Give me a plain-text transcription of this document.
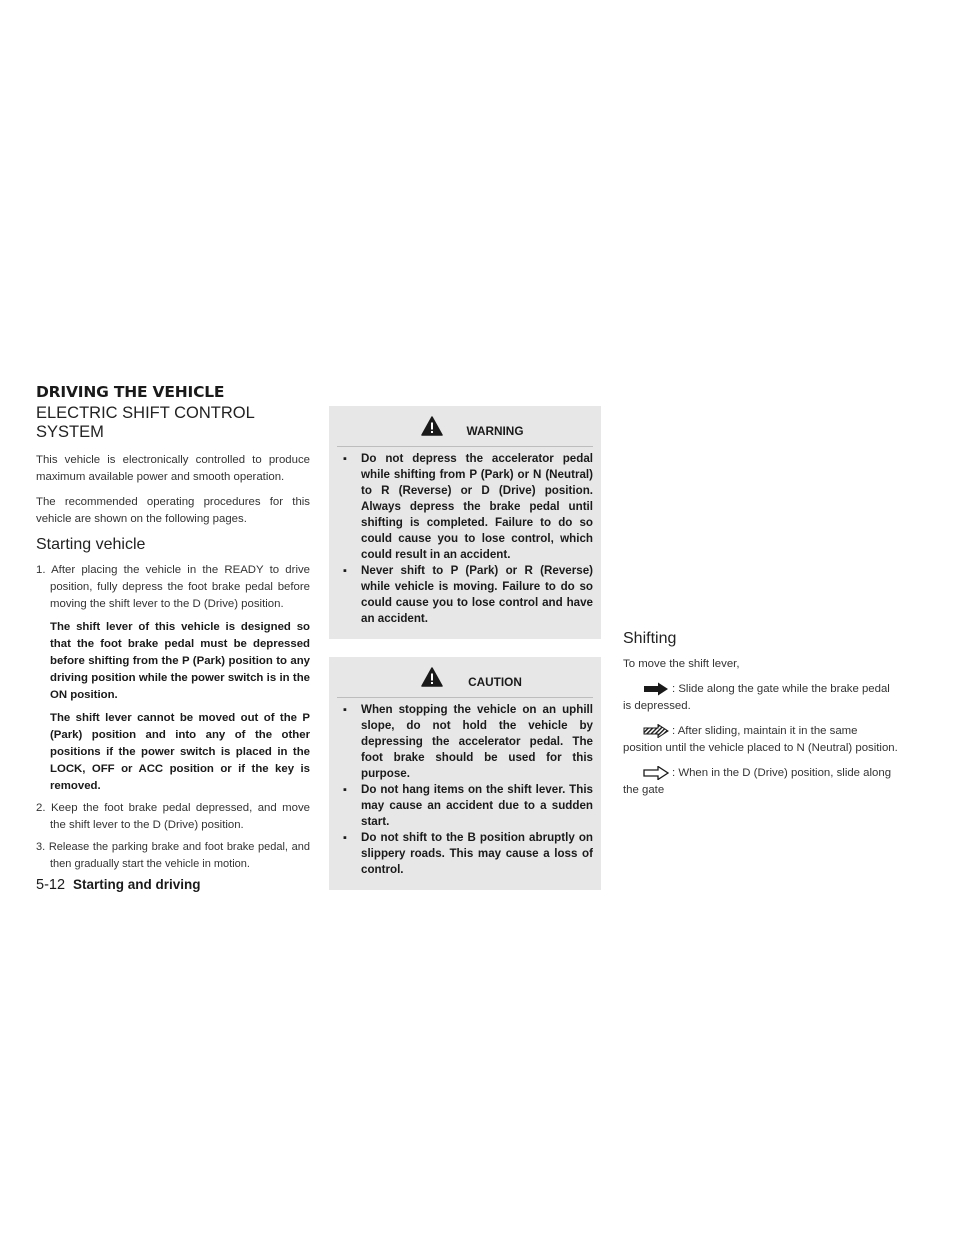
DRIVING THE VEHICLE
ELECTRIC SHIFT CONTROL
SYSTEM

This vehicle is electronically controlled to produce maximum available power and smooth operation.

The recommended operating procedures for this vehicle are shown on the following pages.

Starting vehicle
1. After placing the vehicle in the READY to drive position, fully depress the foot brake pedal before moving the shift lever to the D (Drive) position.
The shift lever of this vehicle is designed so that the foot brake pedal must be depressed before shifting from the P (Park) position to any driving position while the power switch is in the ON position.
The shift lever cannot be moved out of the P (Park) position and into any of the other positions if the power switch is placed in the LOCK, OFF or ACC position or if the key is removed.
2. Keep the foot brake pedal depressed, and move the shift lever to the D (Drive) position.
3. Release the parking brake and foot brake pedal, and then gradually start the vehicle in motion.
WARNING
▪ Do not depress the accelerator pedal while shifting from P (Park) or N (Neutral) to R (Reverse) or D (Drive) position. Always depress the brake pedal until shifting is completed. Failure to do so could cause you to lose control, which could result in an accident.
▪ Never shift to P (Park) or R (Reverse) while vehicle is moving. Failure to do so could cause you to lose control and have an accident.
CAUTION
▪ When stopping the vehicle on an uphill slope, do not hold the vehicle by depressing the accelerator pedal. The foot brake should be used for this purpose.
▪ Do not hang items on the shift lever. This may cause an accident due to a sudden start.
▪ Do not shift to the B position abruptly on slippery roads. This may cause a loss of control.
Shifting

To move the shift lever,

: Slide along the gate while the brake pedal is depressed.
: After sliding, maintain it in the same position until the vehicle placed to N (Neutral) position.
: When in the D (Drive) position, slide along the gate
5-12 Starting and driving
